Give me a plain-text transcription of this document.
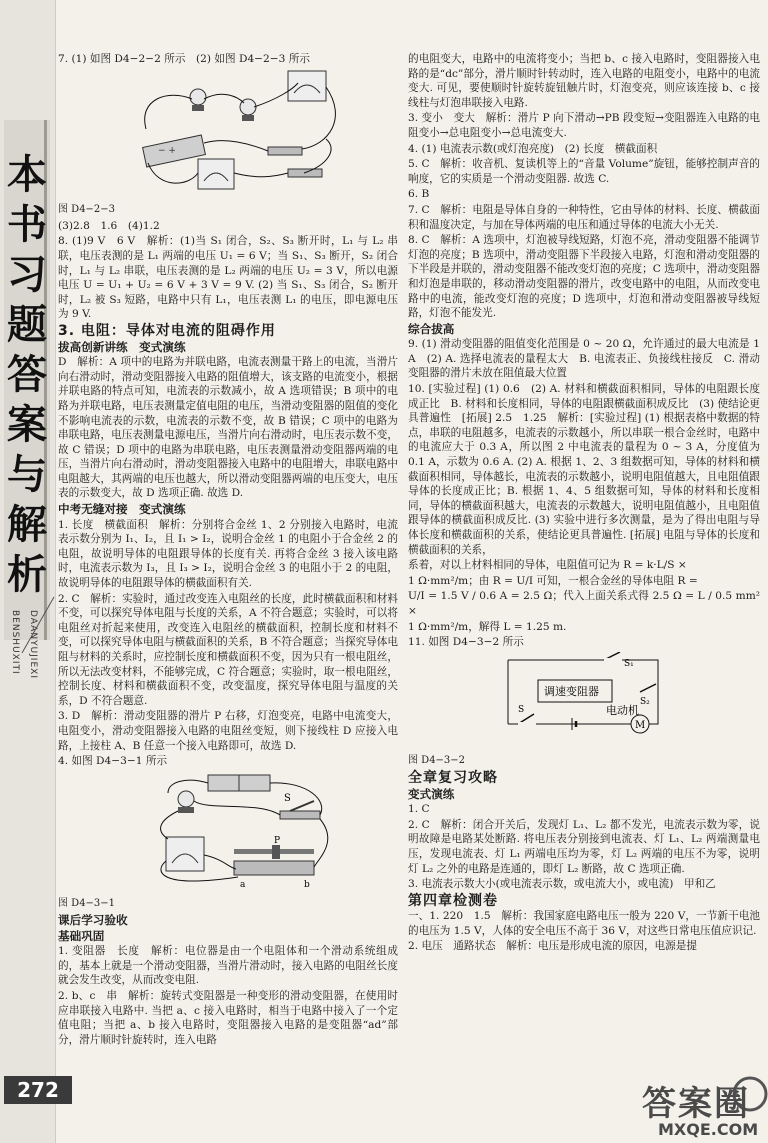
本
书
习
题
答
案
与
解
析
BENSHUXITI DAANYUJIEXI
272

7. (1) 如图 D4−2−2 所示　(2) 如图 D4−2−3 所示

− +

图 D4−2−3

(3)2.8　1.6　(4)1.2

8. (1)9 V　6 V　解析：(1)当 S₁ 闭合，S₂、S₃ 断开时，L₁ 与 L₂ 串联，电压表测的是 L₁ 两端的电压 U₁ = 6 V；当 S₁、S₃ 断开，S₂ 闭合时，L₁ 与 L₂ 串联，电压表测的是 L₂ 两端的电压 U₂ = 3 V，所以电源电压 U = U₁ + U₂ = 6 V + 3 V = 9 V. (2) 当 S₁、S₃ 闭合，S₂ 断开时，L₂ 被 S₃ 短路，电路中只有 L₁，电压表测 L₁ 的电压，即电源电压为 9 V.

3. 电阻：导体对电流的阻碍作用

拔高创新讲练　变式演练

D　解析：A 项中的电路为并联电路，电流表测量干路上的电流，当滑片向右滑动时，滑动变阻器接入电路的阻值增大，该支路的电流变小，根据并联电路的特点可知，电流表的示数减小，故 A 选项错误；B 项中的电路为并联电路，电压表测量定值电阻的电压，当滑动变阻器的阻值的变化不影响电流表的示数，电流表的示数不变，故 B 错误；C 项中的电路为串联电路，电压表测量电源电压，当滑片向右滑动时，电压表示数不变，故 C 错误；D 项中的电路为串联电路，电压表测量滑动变阻器两端的电压，当滑片向右滑动时，滑动变阻器接入电路中的电阻增大，串联电路中电阻越大，其两端的电压也越大，所以滑动变阻器两端的电压变大，电压表的示数变大，故 D 选项正确. 故选 D.

中考无缝对接　变式演练

1. 长度　横截面积　解析：分别将合金丝 1、2 分别接入电路时，电流表示数分别为 I₁、I₂，且 I₁ > I₂，说明合金丝 1 的电阻小于合金丝 2 的电阻，故说明导体的电阻跟导体的长度有关. 再将合金丝 3 接入该电路时，电流表示数为 I₃，且 I₃ > I₂，说明合金丝 3 的电阻小于 2 的电阻，故说明导体的电阻跟导体的横截面积有关.

2. C　解析：实验时，通过改变连入电阻丝的长度，此时横截面积和材料不变，可以探究导体电阻与长度的关系，A 不符合题意；实验时，可以将电阻丝对折起来使用，改变连入电阻丝的横截面积，控制长度和材料不变，可以探究导体电阻与横截面积的关系，B 不符合题意；当探究导体电阻与材料的关系时，应控制长度和横截面积不变，因为只有一根电阻丝，所以无法改变材料，不能够完成，C 符合题意；实验时，取一根电阻丝，控制长度、材料和横截面积不变，改变温度，探究导体电阻与温度的关系，D 不符合题意.

3. D　解析：滑动变阻器的滑片 P 右移，灯泡变亮，电路中电流变大，电阻变小，滑动变阻器接入电路的电阻丝变短，则下接线柱 D 应接入电路，上接柱 A、B 任意一个接入电路即可，故选 D.

4. 如图 D4−3−1 所示

S
P
a	b

图 D4−3−1

课后学习验收

基础巩固

1. 变阻器　长度　解析：电位器是由一个电阻体和一个滑动系统组成的，基本上就是一个滑动变阻器，当滑片滑动时，接入电路的电阻丝长度就会发生改变，从而改变电阻.

2. b、c　串　解析：旋转式变阻器是一种变形的滑动变阻器，在使用时应串联接入电路中. 当把 a、c 接入电路时，相当于电路中接入了一个定值电阻；当把 a、b 接入电路时，变阻器接入电路的是变阻器“ad”部分，滑片顺时针旋转时，连入电路

的电阻变大，电路中的电流将变小；当把 b、c 接入电路时，变阻器接入电路的是“dc”部分，滑片顺时针转动时，连入电路的电阻变小，电路中的电流变大. 可见，要使顺时针旋转旋钮触片时，灯泡变亮，则应该连接 b、c 接线柱与灯泡串联接入电路.

3. 变小　变大　解析：滑片 P 向下滑动→PB 段变短→变阻器连入电路的电阻变小→总电阻变小→总电流变大.

4. (1) 电流表示数(或灯泡亮度)　(2) 长度　横截面积

5. C　解析：收音机、复读机等上的“音量 Volume”旋钮，能够控制声音的响度，它的实质是一个滑动变阻器. 故选 C.

6. B

7. C　解析：电阻是导体自身的一种特性，它由导体的材料、长度、横截面积和温度决定，与加在导体两端的电压和通过导体的电流大小无关.

8. C　解析：A 选项中，灯泡被导线短路，灯泡不亮，滑动变阻器不能调节灯泡的亮度；B 选项中，滑动变阻器下半段接入电路，灯泡和滑动变阻器的下半段是并联的，滑动变阻器不能改变灯泡的亮度；C 选项中，滑动变阻器和灯泡是串联的，移动滑动变阻器的滑片，改变电路中的电阻，从而改变电路中的电流，能改变灯泡的亮度；D 选项中，灯泡和滑动变阻器被导线短路，灯泡不能发光.

综合拔高

9. (1) 滑动变阻器的阻值变化范围是 0 ~ 20 Ω，允许通过的最大电流是 1 A　(2) A. 选择电流表的量程太大　B. 电流表正、负接线柱接反　C. 滑动变阻器的滑片未放在阻值最大位置

10. [实验过程] (1) 0.6　(2) A. 材料和横截面积相同，导体的电阻跟长度成正比　B. 材料和长度相同，导体的电阻跟横截面积成反比　(3) 使结论更具普遍性　[拓展] 2.5　1.25　解析：[实验过程] (1) 根据表格中数据的特点，串联的电阻越多，电流表的示数越小，所以串联一根合金丝时，电路中的电流应大于 0.3 A，所以图 2 中电流表的量程为 0 ~ 3 A，分度值为 0.1 A，示数为 0.6 A. (2) A. 根据 1、2、3 组数据可知，导体的材料和横截面积相同，导体越长，电流表的示数越小，说明电阻值越大，且电阻值跟导体的长度成正比；B. 根据 1、4、5 组数据可知，导体的材料和长度相同，导体的横截面积越大，电流表的示数越大，说明电阻值越小，且电阻值跟导体的横截面积成反比. (3) 实验中进行多次测量，是为了得出电阻与导体长度和横截面积的关系，使结论更具普遍性. [拓展] 电阻与导体的长度和横截面积的关系，

系着，对以上材料相同的导体，电阻值可记为 R = k·L/S ×

1 Ω·mm²/m；由 R = U/I 可知，一根合金丝的导体电阻 R =

U/I = 1.5 V / 0.6 A = 2.5 Ω；代入上面关系式得 2.5 Ω = L / 0.5 mm² ×

1 Ω·mm²/m，解得 L = 1.25 m.

11. 如图 D4−3−2 所示

调速变阻器
S₁
S₂
S
M
电动机

图 D4−3−2

全章复习攻略

变式演练

1. C

2. C　解析：闭合开关后，发现灯 L₁、L₂ 都不发光，电流表示数为零，说明故障是电路某处断路. 将电压表分别接到电流表、灯 L₁、L₂ 两端测量电压，发现电流表、灯 L₁ 两端电压均为零，灯 L₂ 两端的电压不为零，说明灯 L₂ 之外的电路是连通的，即灯 L₂ 断路，故 C 选项正确.

3. 电流表示数大小(或电流表示数，或电流大小，或电流)　甲和乙

第四章检测卷

一、1. 220　1.5　解析：我国家庭电路电压一般为 220 V，一节新干电池的电压为 1.5 V，人体的安全电压不高于 36 V，对这些日常电压值应识记.

2. 电压　通路状态　解析：电压是形成电流的原因，电源是提

答案圈
MXQE.COM
